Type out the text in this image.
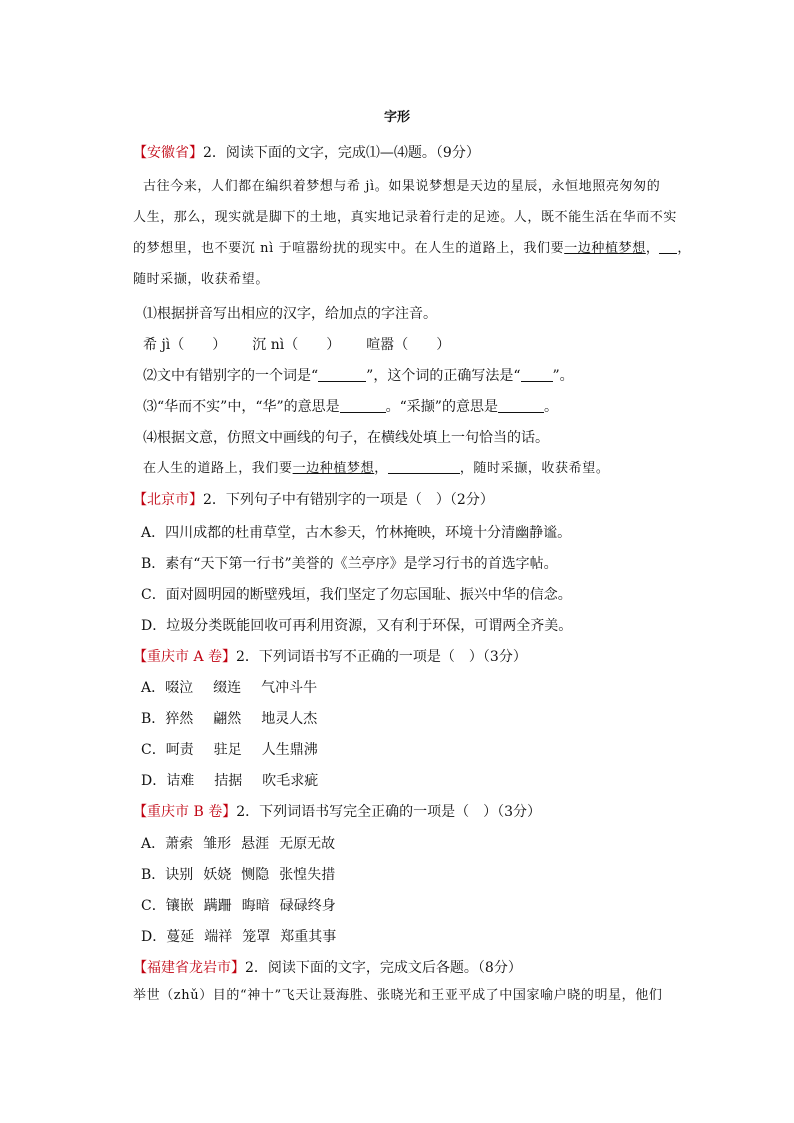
字形
【安徽省】2．阅读下面的文字，完成⑴—⑷题。（9分）
古往今来，人们都在编织着梦想与希 jì。如果说梦想是天边的星辰，永恒地照亮匆匆的
人生，那么，现实就是脚下的土地，真实地记录着行走的足迹。人，既不能生活在华而不实
的梦想里，也不要沉 nì 于喧嚣纷扰的现实中。在人生的道路上，我们要一边种植梦想， ，
随时采撷，收获希望。
⑴根据拼音写出相应的汉字，给加点的字注音。
希 jì（　　） 沉 nì（　　） 喧嚣（　　）
⑵文中有错别字的一个词是“	”，这个词的正确写法是“ ”。
⑶“华而不实”中，“华”的意思是	。“采撷”的意思是	。
⑷根据文意，仿照文中画线的句子，在横线处填上一句恰当的话。
在人生的道路上，我们要一边种植梦想，	，随时采撷，收获希望。
【北京市】2．下列句子中有错别字的一项是（　）（2分）
A．四川成都的杜甫草堂，古木参天，竹林掩映，环境十分清幽静谧。
B．素有“天下第一行书”美誉的《兰亭序》是学习行书的首选字帖。
C．面对圆明园的断壁残垣，我们坚定了勿忘国耻、振兴中华的信念。
D．垃圾分类既能回收可再利用资源，又有利于环保，可谓两全齐美。
【重庆市 A 卷】2．下列词语书写不正确的一项是（　）（3分）
A．啜泣 缀连 气冲斗牛
B．猝然 翩然 地灵人杰
C．呵责 驻足 人生鼎沸
D．诘难 拮据 吹毛求疵
【重庆市 B 卷】2．下列词语书写完全正确的一项是（　）（3分）
A．萧索 雏形 悬涯 无原无故
B．诀别 妖娆 恻隐 张惶失措
C．镶嵌 蹒跚 晦暗 碌碌终身
D．蔓延 端祥 笼罩 郑重其事
【福建省龙岩市】2．阅读下面的文字，完成文后各题。（8分）
举世（zhǔ）目的“神十”飞天让聂海胜、张晓光和王亚平成了中国家喻户晓的明星，他们
